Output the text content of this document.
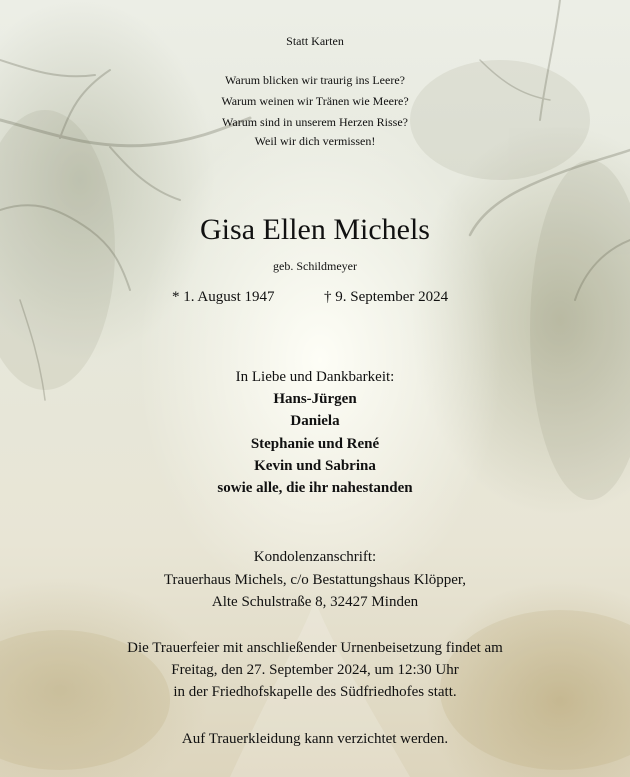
Statt Karten
Warum blicken wir traurig ins Leere?
Warum weinen wir Tränen wie Meere?
Warum sind in unserem Herzen Risse?
Weil wir dich vermissen!
Gisa Ellen Michels
geb. Schildmeyer
* 1. August 1947	† 9. September 2024
In Liebe und Dankbarkeit:
Hans-Jürgen
Daniela
Stephanie und René
Kevin und Sabrina
sowie alle, die ihr nahestanden
Kondolenzanschrift:
Trauerhaus Michels, c/o Bestattungshaus Klöpper,
Alte Schulstraße 8, 32427 Minden
Die Trauerfeier mit anschließender Urnenbeisetzung findet am
Freitag, den 27. September 2024, um 12:30 Uhr
in der Friedhofskapelle des Südfriedhofes statt.
Auf Trauerkleidung kann verzichtet werden.
